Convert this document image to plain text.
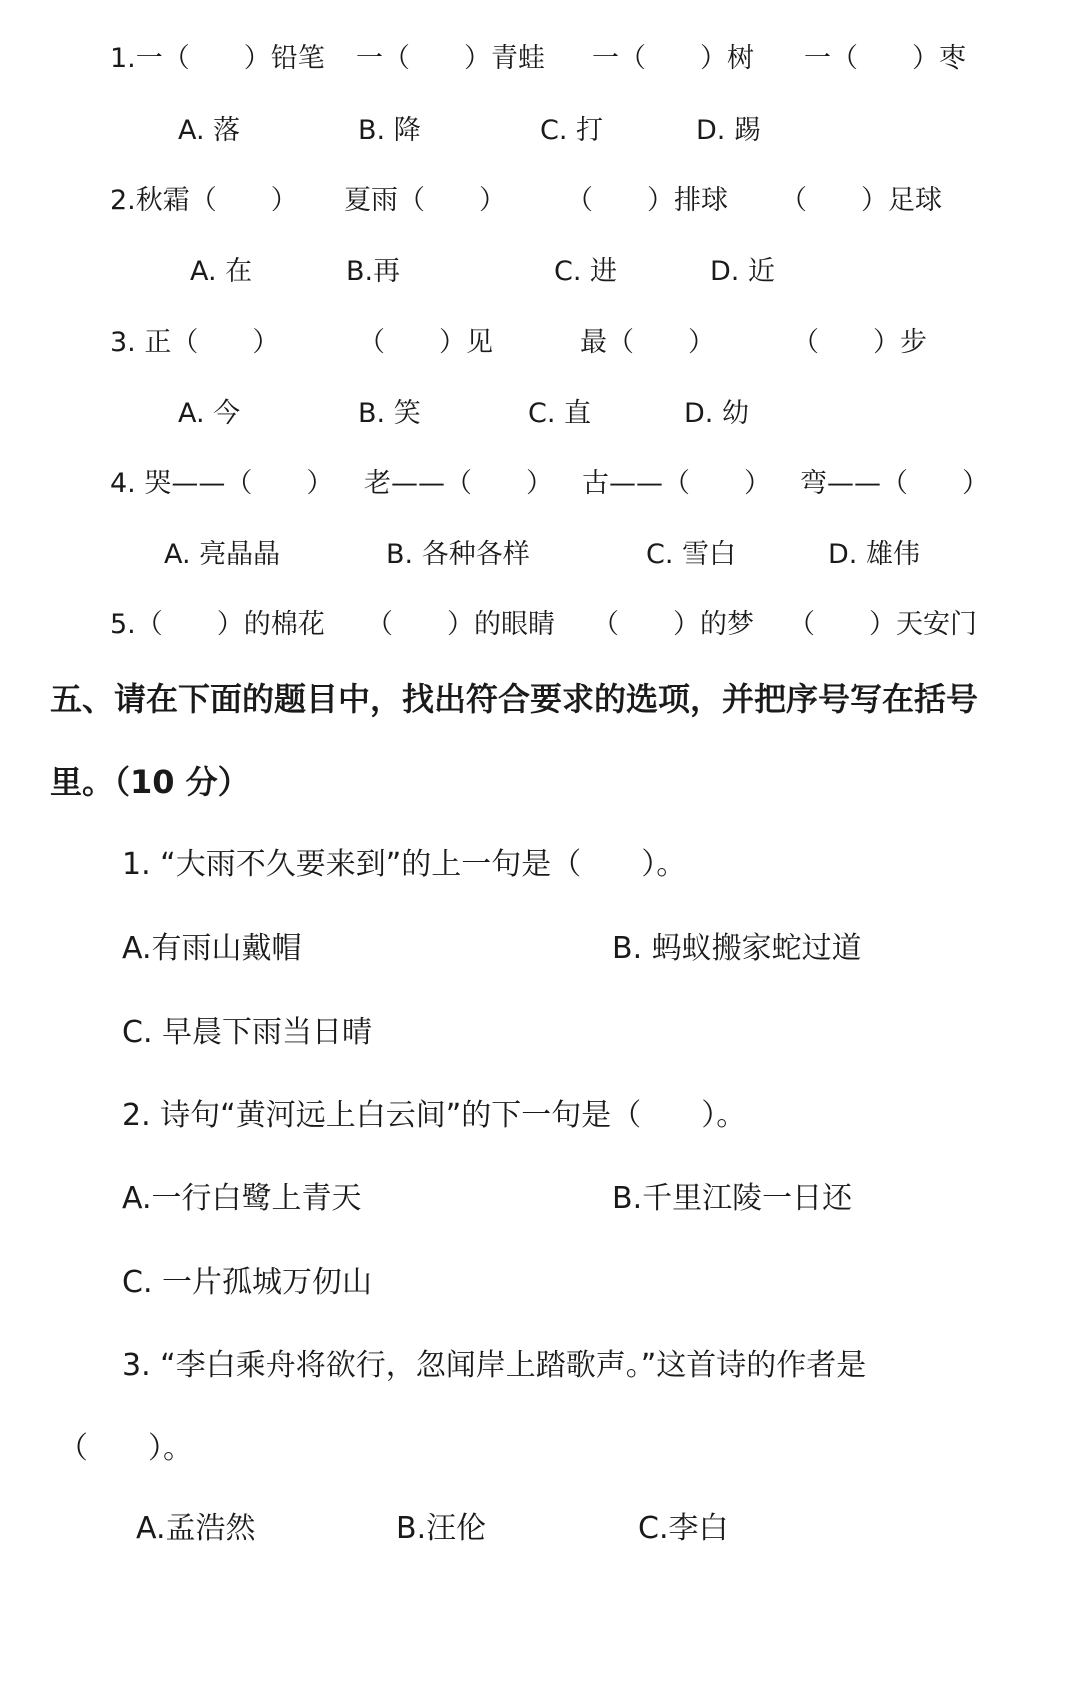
1.一（　　）铅笔 一（　　）青蛙 一（　　）树 一（　　）枣
A. 落	B. 降	C. 打	D. 踢
2.秋霜（　　） 夏雨（　　） （　　）排球 （　　）足球
A. 在	B.再	C. 进	D. 近
3. 正（　　）	（　　）见	最（　　）	（　　）步
A. 今	B. 笑	C. 直	D. 幼
4. 哭——（　　） 老——（　　） 古——（　　） 弯——（　　）
A. 亮晶晶	B. 各种各样	C. 雪白	D. 雄伟
5.（　　）的棉花 （　　）的眼睛 （　　）的梦 （　　）天安门
五、请在下面的题目中，找出符合要求的选项，并把序号写在括号
里。（10 分）
1. “大雨不久要来到”的上一句是（　　）。
A.有雨山戴帽	B. 蚂蚁搬家蛇过道
C. 早晨下雨当日晴
2. 诗句“黄河远上白云间”的下一句是（　　）。
A.一行白鹭上青天	B.千里江陵一日还
C. 一片孤城万仞山
3. “李白乘舟将欲行，忽闻岸上踏歌声。”这首诗的作者是
（　　）。
A.孟浩然	B.汪伦	C.李白
